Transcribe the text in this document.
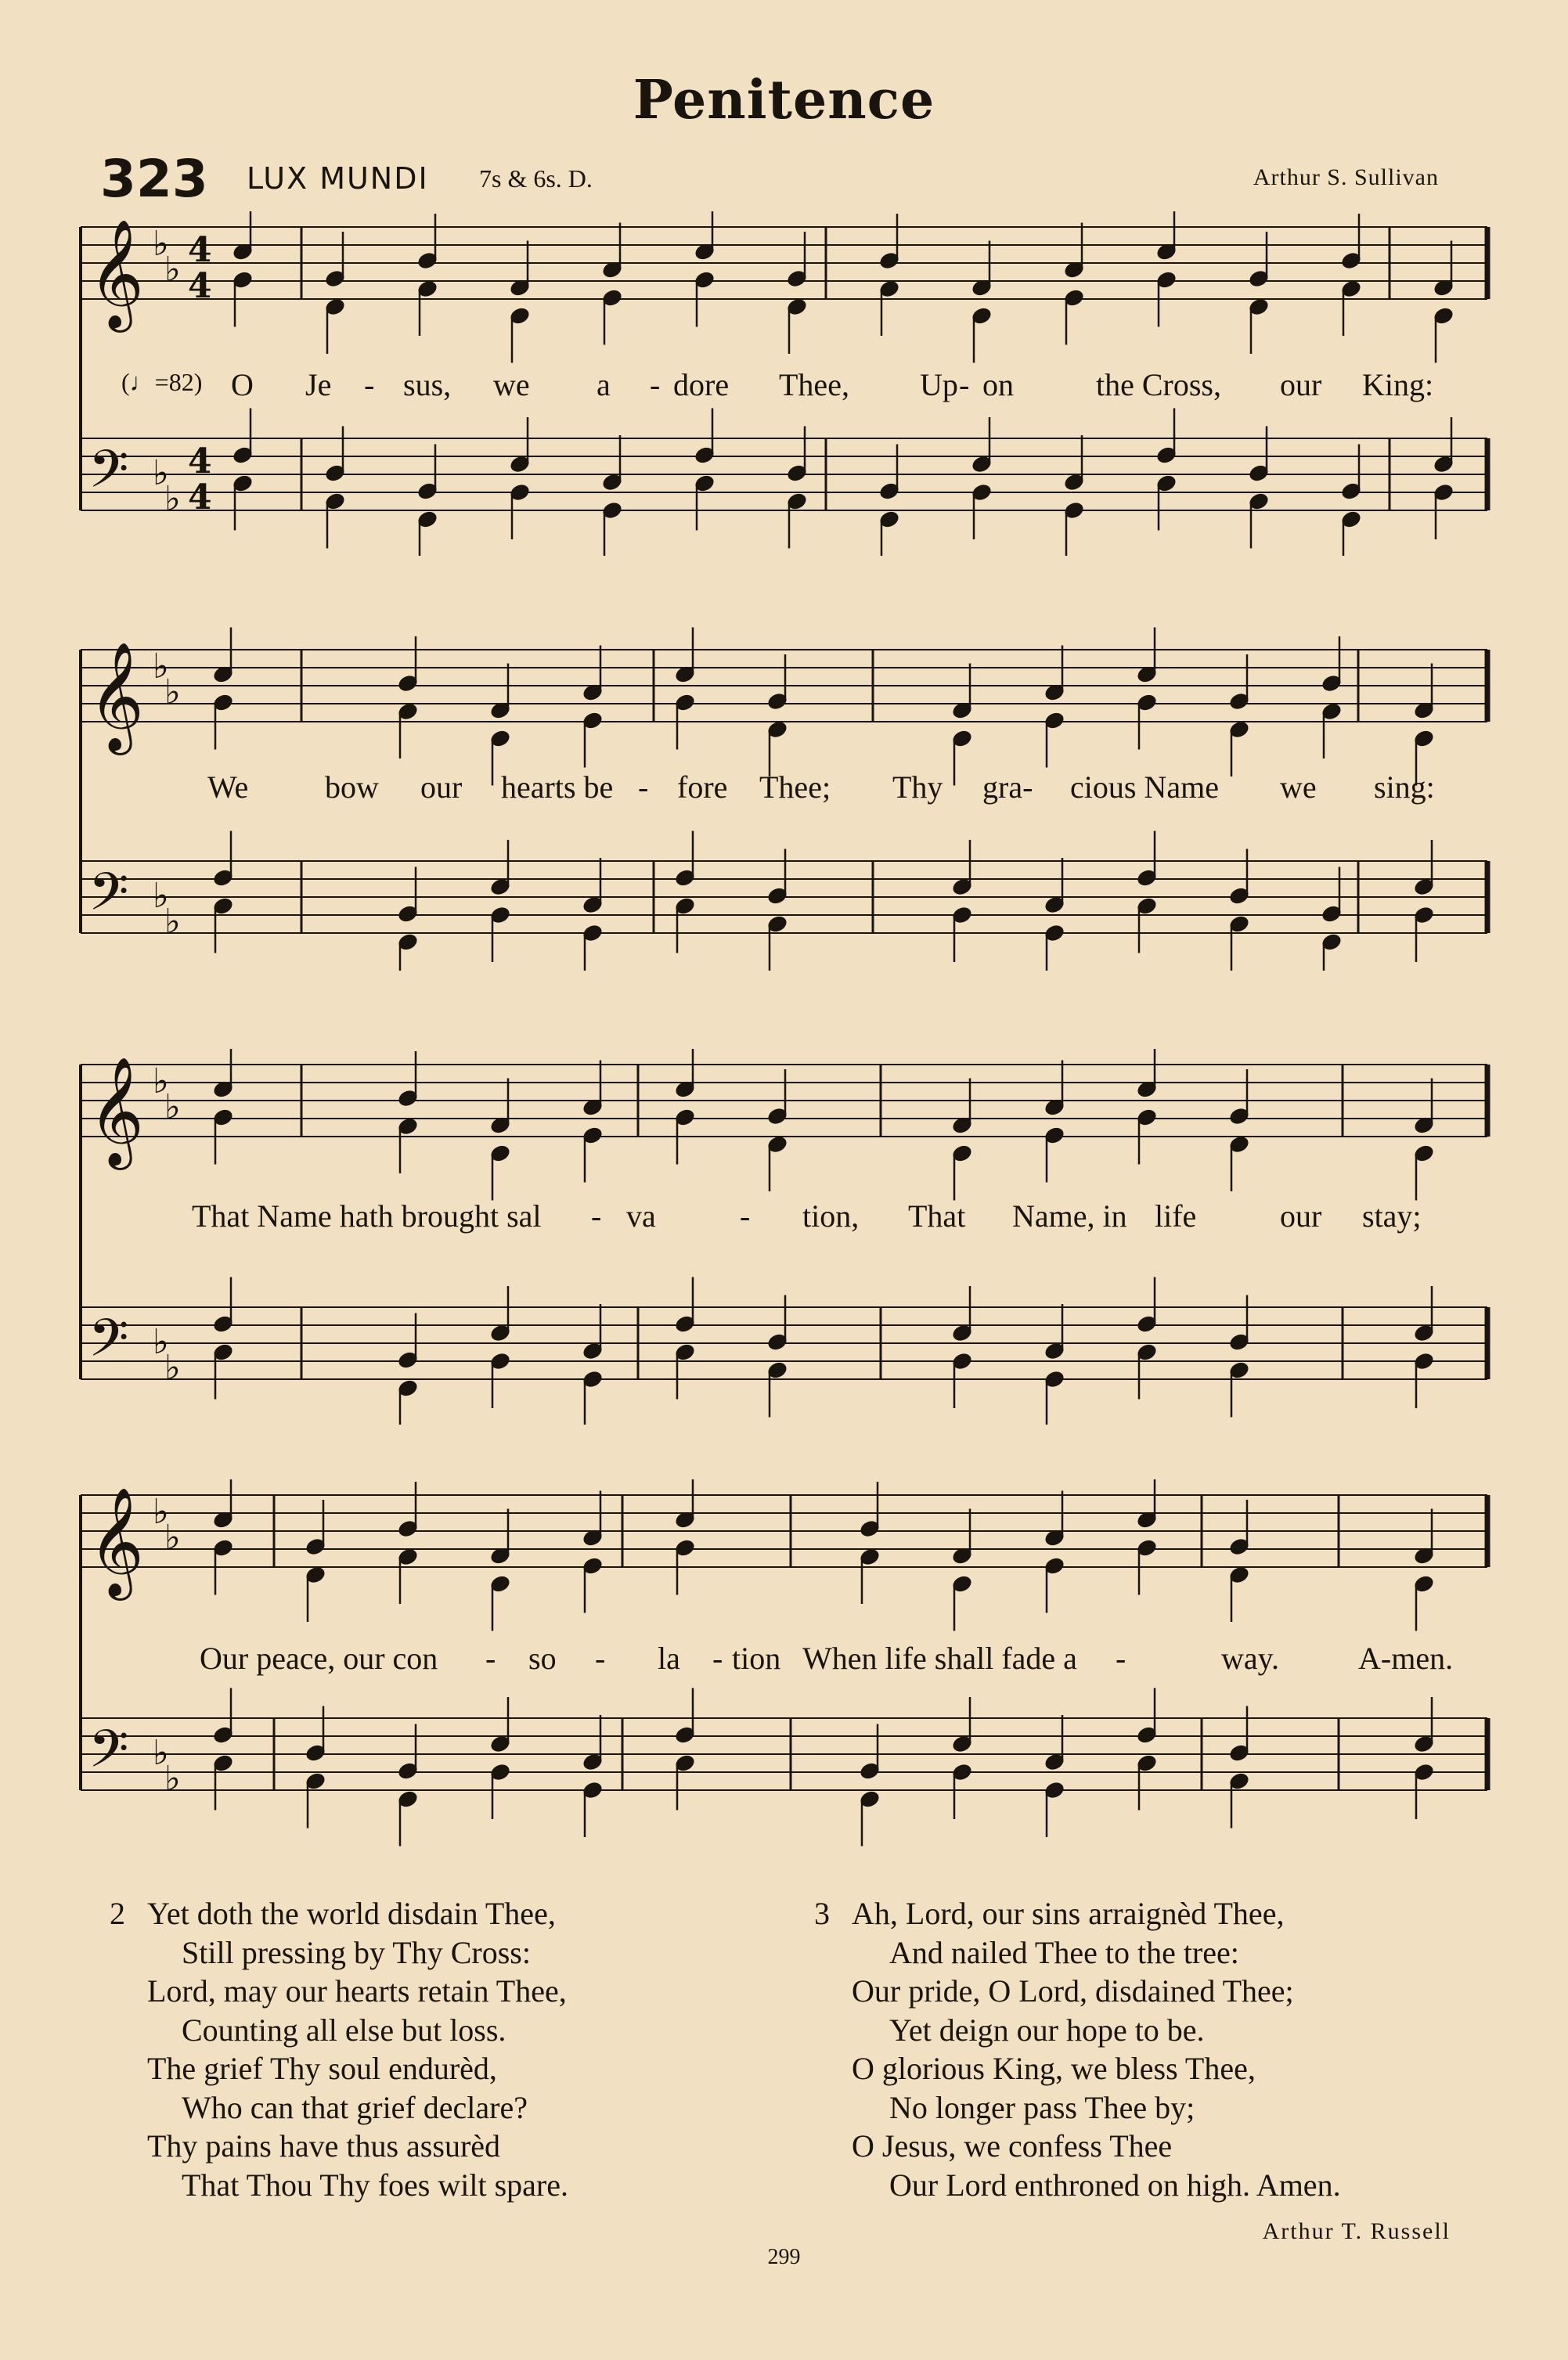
Penitence
323 LUX MUNDI 7s & 6s. D.	Arthur S. Sullivan
𝄞
𝄢
♭
♭
♭
♭
4
4
4
4
(♩=82) O Je - sus, we a - dore Thee, Up - on	the Cross, our King:
𝄞
𝄢
♭
♭
♭
♭
We bow our hearts be - fore Thee; Thy gra- cious Name we sing:
𝄞
𝄢
♭
♭
♭
♭
That Name hath brought sal - va	- tion, That Name, in life	our stay;
𝄞
𝄢
♭
♭
♭
♭
Our peace, our con - so - la - tion When life shall fade a -	way.	A-men.
2 Yet doth the world disdain Thee,
Still pressing by Thy Cross:
Lord, may our hearts retain Thee,
Counting all else but loss.
The grief Thy soul endurèd,
Who can that grief declare?
Thy pains have thus assurèd
That Thou Thy foes wilt spare.
3 Ah, Lord, our sins arraignèd Thee,
And nailed Thee to the tree:
Our pride, O Lord, disdained Thee;
Yet deign our hope to be.
O glorious King, we bless Thee,
No longer pass Thee by;
O Jesus, we confess Thee
Our Lord enthroned on high. Amen.
Arthur T. Russell
299
